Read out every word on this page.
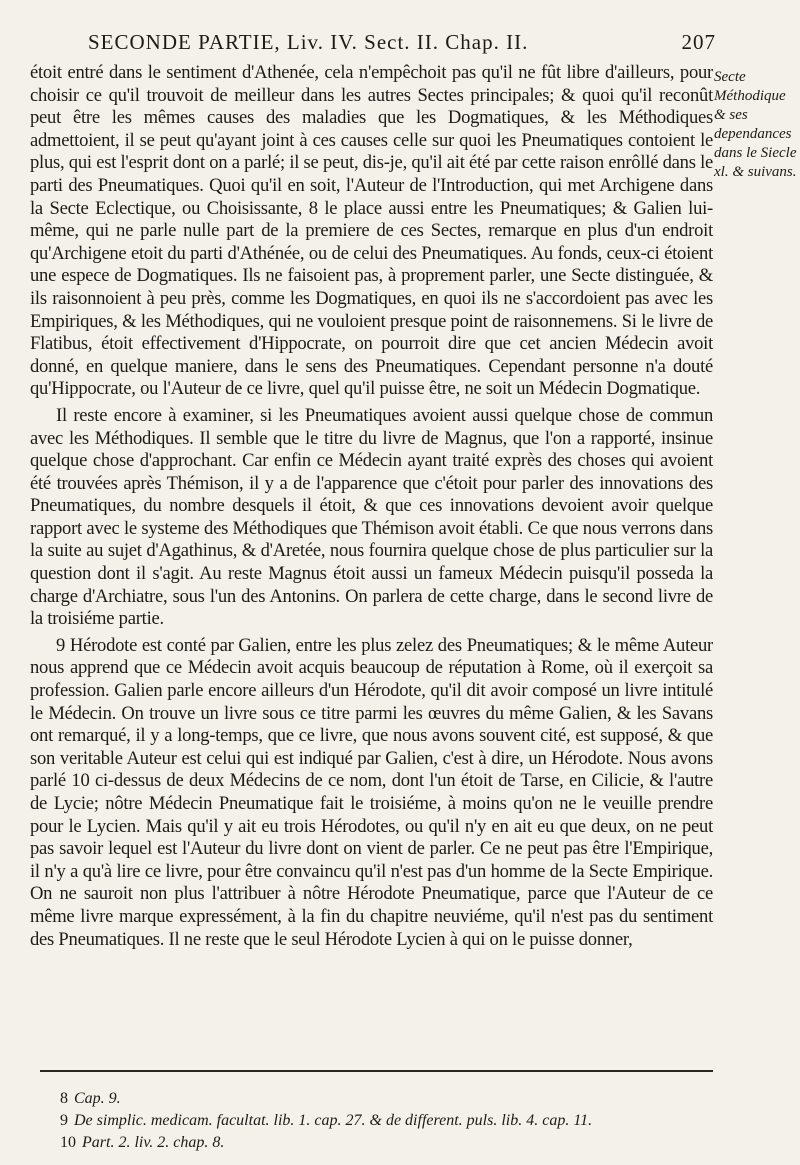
SECONDE PARTIE, Liv. IV. Sect. II. Chap. II.	207
Secte Méthodique & ses dependances dans le Siecle xl. & suivans.

étoit entré dans le sentiment d'Athenée, cela n'empêchoit pas qu'il ne fût libre d'ailleurs, pour choisir ce qu'il trouvoit de meilleur dans les autres Sectes principales; & quoi qu'il reconût peut être les mêmes causes des maladies que les Dogmatiques, & les Méthodiques admettoient, il se peut qu'ayant joint à ces causes celle sur quoi les Pneumatiques contoient le plus, qui est l'esprit dont on a parlé; il se peut, dis-je, qu'il ait été par cette raison enrôllé dans le parti des Pneumatiques. Quoi qu'il en soit, l'Auteur de l'Introduction, qui met Archigene dans la Secte Eclectique, ou Choisissante, 8 le place aussi entre les Pneumatiques; & Galien lui-même, qui ne parle nulle part de la premiere de ces Sectes, remarque en plus d'un endroit qu'Archigene etoit du parti d'Athénée, ou de celui des Pneumatiques. Au fonds, ceux-ci étoient une espece de Dogmatiques. Ils ne faisoient pas, à proprement parler, une Secte distinguée, & ils raisonnoient à peu près, comme les Dogmatiques, en quoi ils ne s'accordoient pas avec les Empiriques, & les Méthodiques, qui ne vouloient presque point de raisonnemens. Si le livre de Flatibus, étoit effectivement d'Hippocrate, on pourroit dire que cet ancien Médecin avoit donné, en quelque maniere, dans le sens des Pneumatiques. Cependant personne n'a douté qu'Hippocrate, ou l'Auteur de ce livre, quel qu'il puisse être, ne soit un Médecin Dogmatique.

Il reste encore à examiner, si les Pneumatiques avoient aussi quelque chose de commun avec les Méthodiques. Il semble que le titre du livre de Magnus, que l'on a rapporté, insinue quelque chose d'approchant. Car enfin ce Médecin ayant traité exprès des choses qui avoient été trouvées après Thémison, il y a de l'apparence que c'étoit pour parler des innovations des Pneumatiques, du nombre desquels il étoit, & que ces innovations devoient avoir quelque rapport avec le systeme des Méthodiques que Thémison avoit établi. Ce que nous verrons dans la suite au sujet d'Agathinus, & d'Aretée, nous fournira quelque chose de plus particulier sur la question dont il s'agit. Au reste Magnus étoit aussi un fameux Médecin puisqu'il posseda la charge d'Archiatre, sous l'un des Antonins. On parlera de cette charge, dans le second livre de la troisiéme partie.

9 Hérodote est conté par Galien, entre les plus zelez des Pneumatiques; & le même Auteur nous apprend que ce Médecin avoit acquis beaucoup de réputation à Rome, où il exerçoit sa profession. Galien parle encore ailleurs d'un Hérodote, qu'il dit avoir composé un livre intitulé le Médecin. On trouve un livre sous ce titre parmi les œuvres du même Galien, & les Savans ont remarqué, il y a long-temps, que ce livre, que nous avons souvent cité, est supposé, & que son veritable Auteur est celui qui est indiqué par Galien, c'est à dire, un Hérodote. Nous avons parlé 10 ci-dessus de deux Médecins de ce nom, dont l'un étoit de Tarse, en Cilicie, & l'autre de Lycie; nôtre Médecin Pneumatique fait le troisiéme, à moins qu'on ne le veuille prendre pour le Lycien. Mais qu'il y ait eu trois Hérodotes, ou qu'il n'y en ait eu que deux, on ne peut pas savoir lequel est l'Auteur du livre dont on vient de parler. Ce ne peut pas être l'Empirique, il n'y a qu'à lire ce livre, pour être convaincu qu'il n'est pas d'un homme de la Secte Empirique. On ne sauroit non plus l'attribuer à nôtre Hérodote Pneumatique, parce que l'Auteur de ce même livre marque expressément, à la fin du chapitre neuviéme, qu'il n'est pas du sentiment des Pneumatiques. Il ne reste que le seul Hérodote Lycien à qui on le puisse donner,

8 Cap. 9.
9 De simplic. medicam. facultat. lib. 1. cap. 27. & de different. puls. lib. 4. cap. 11.
10 Part. 2. liv. 2. chap. 8.
